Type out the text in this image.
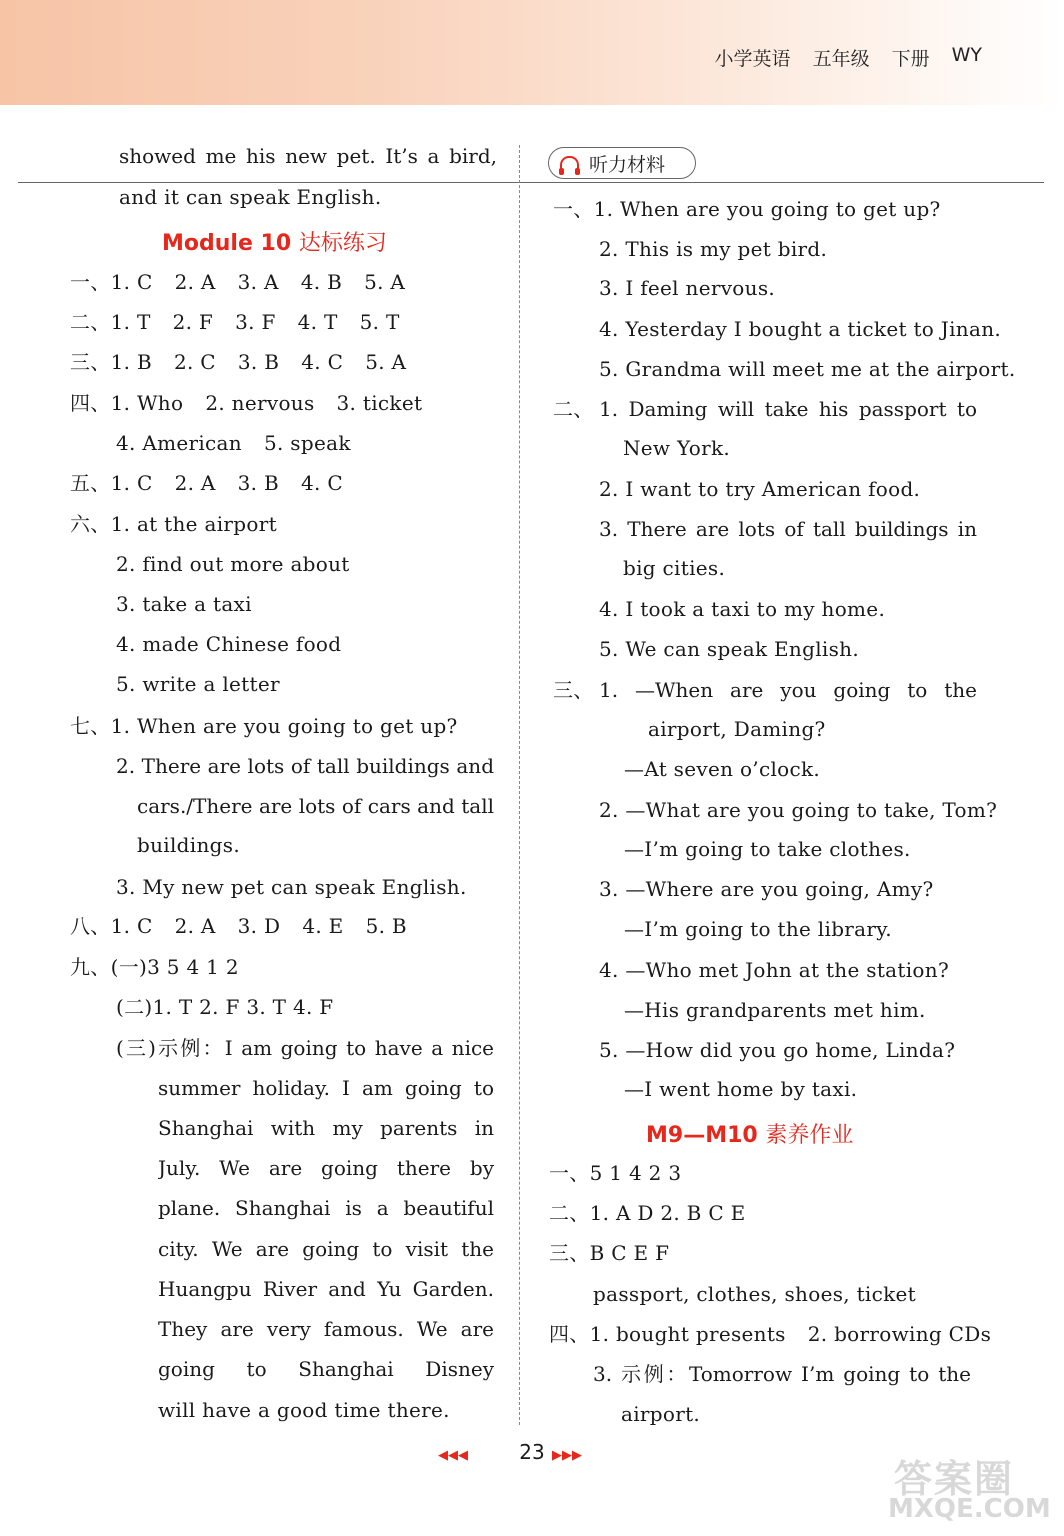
小学英语 五年级 下册 WY
showed me his new pet. It’s a bird,
and it can speak English.
Module 10 达标练习
一、1. C 2. A 3. A 4. B 5. A
二、1. T 2. F 3. F 4. T 5. T
三、1. B 2. C 3. B 4. C 5. A
四、1. Who 2. nervous 3. ticket
4. American 5. speak
五、1. C 2. A 3. B 4. C
六、1. at the airport
2. find out more about
3. take a taxi
4. made Chinese food
5. write a letter
七、1. When are you going to get up?
2. There are lots of tall buildings and
cars./There are lots of cars and tall
buildings.
3. My new pet can speak English.
八、1. C 2. A 3. D 4. E 5. B
九、(一)3 5 4 1 2
(二)1. T 2. F 3. T 4. F
(三)示例：I am going to have a nice
summer holiday. I am going to
Shanghai with my parents in
July. We are going there by
plane. Shanghai is a beautiful
city. We are going to visit the
Huangpu River and Yu Garden.
They are very famous. We are
going to Shanghai Disney
will have a good time there.
听力材料
一、1. When are you going to get up?
2. This is my pet bird.
3. I feel nervous.
4. Yesterday I bought a ticket to Jinan.
5. Grandma will meet me at the airport.
二、 1. Daming will take his passport to
New York.
2. I want to try American food.
3. There are lots of tall buildings in
big cities.
4. I took a taxi to my home.
5. We can speak English.
三、 1. —When are you going to the
airport, Daming?
—At seven o’clock.
2. —What are you going to take, Tom?
—I’m going to take clothes.
3. —Where are you going, Amy?
—I’m going to the library.
4. —Who met John at the station?
—His grandparents met him.
5. —How did you go home, Linda?
—I went home by taxi.
M9—M10 素养作业
一、5 1 4 2 3
二、1. A D 2. B C E
三、B C E F
passport, clothes, shoes, ticket
四、1. bought presents 2. borrowing CDs
3. 示例：Tomorrow I’m going to the
airport.
◀◀◀	23 ▶▶▶
答案圈
MXQE.COM
